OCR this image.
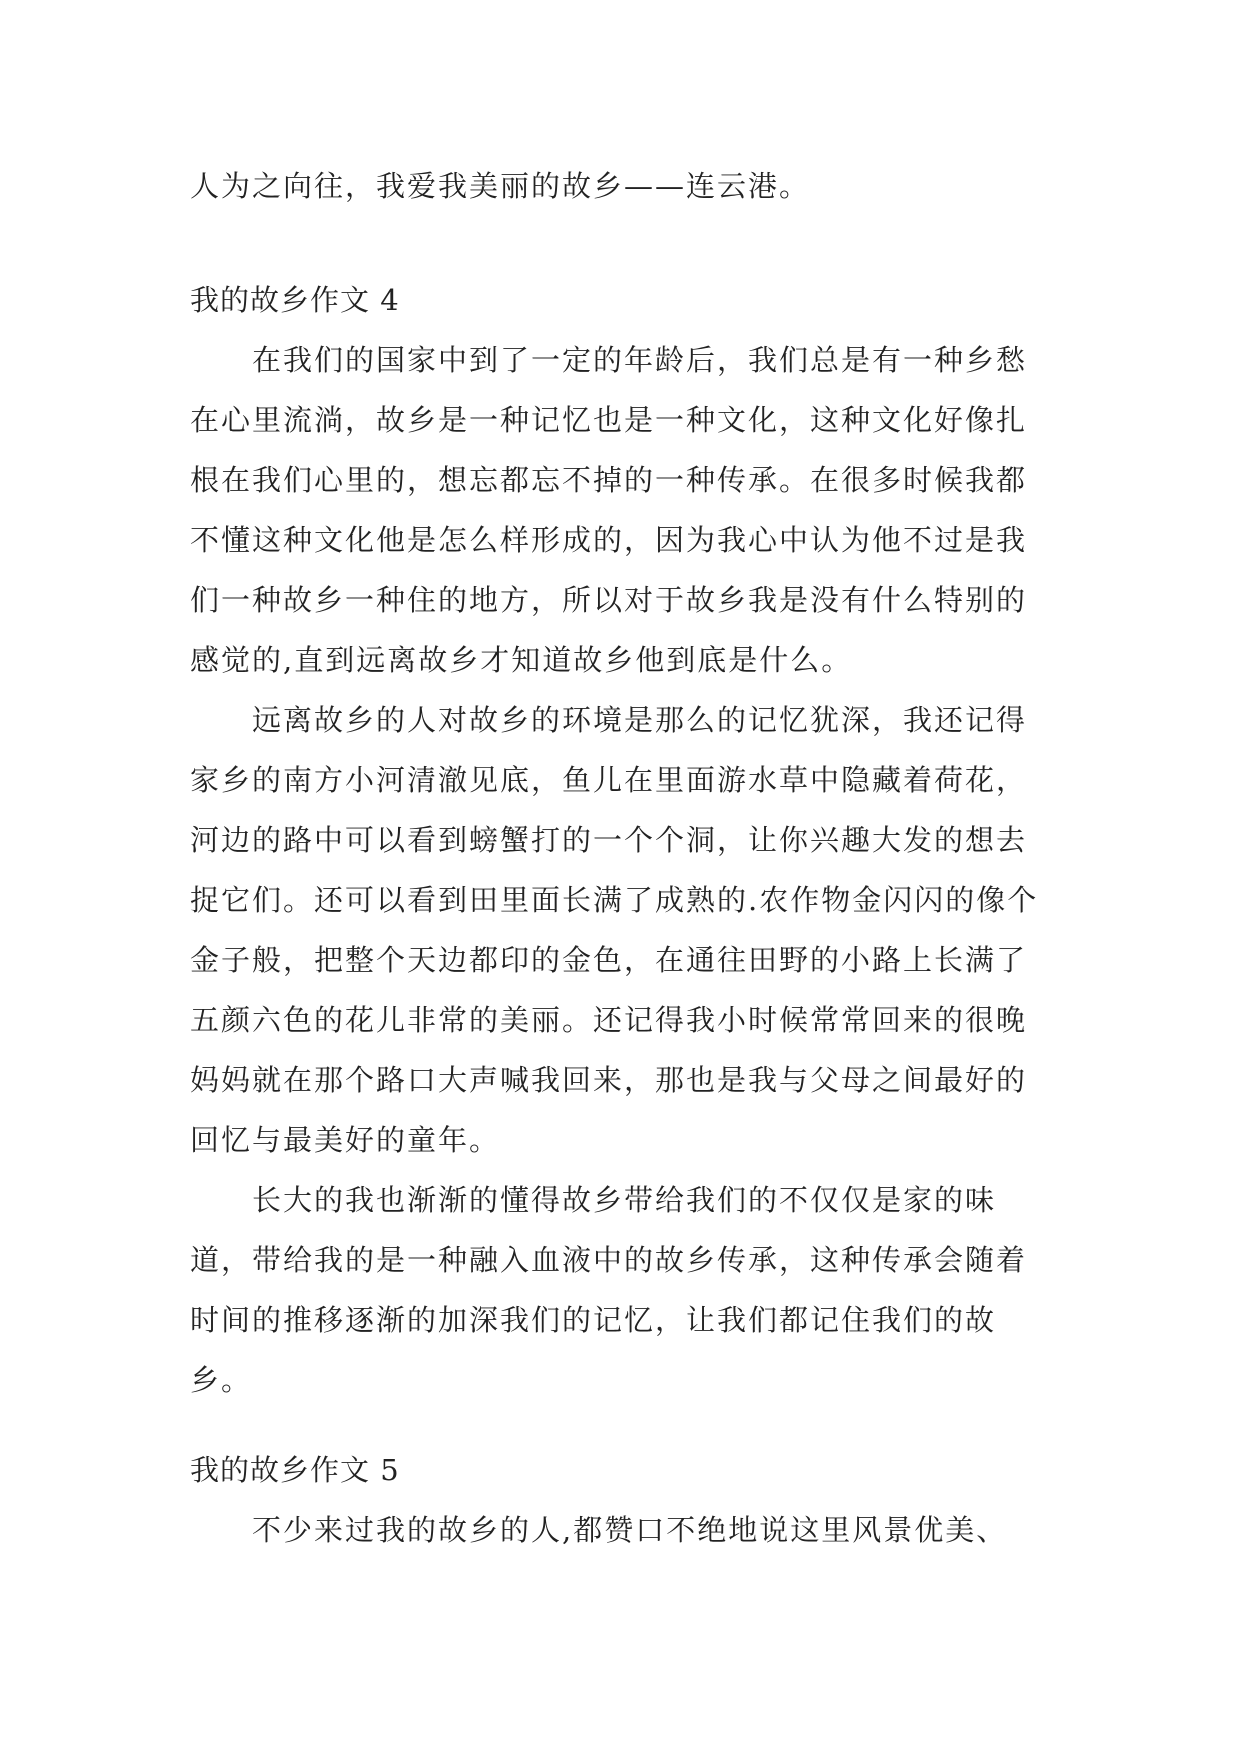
人为之向往，我爱我美丽的故乡——连云港。

我的故乡作文 4

在我们的国家中到了一定的年龄后，我们总是有一种乡愁在心里流淌，故乡是一种记忆也是一种文化，这种文化好像扎根在我们心里的，想忘都忘不掉的一种传承。在很多时候我都不懂这种文化他是怎么样形成的，因为我心中认为他不过是我们一种故乡一种住的地方，所以对于故乡我是没有什么特别的感觉的,直到远离故乡才知道故乡他到底是什么。

远离故乡的人对故乡的环境是那么的记忆犹深，我还记得家乡的南方小河清澈见底，鱼儿在里面游水草中隐藏着荷花，河边的路中可以看到螃蟹打的一个个洞，让你兴趣大发的想去捉它们。还可以看到田里面长满了成熟的.农作物金闪闪的像个金子般，把整个天边都印的金色，在通往田野的小路上长满了五颜六色的花儿非常的美丽。还记得我小时候常常回来的很晚妈妈就在那个路口大声喊我回来，那也是我与父母之间最好的回忆与最美好的童年。

长大的我也渐渐的懂得故乡带给我们的不仅仅是家的味道，带给我的是一种融入血液中的故乡传承，这种传承会随着时间的推移逐渐的加深我们的记忆，让我们都记住我们的故乡。

我的故乡作文 5

不少来过我的故乡的人,都赞口不绝地说这里风景优美、
